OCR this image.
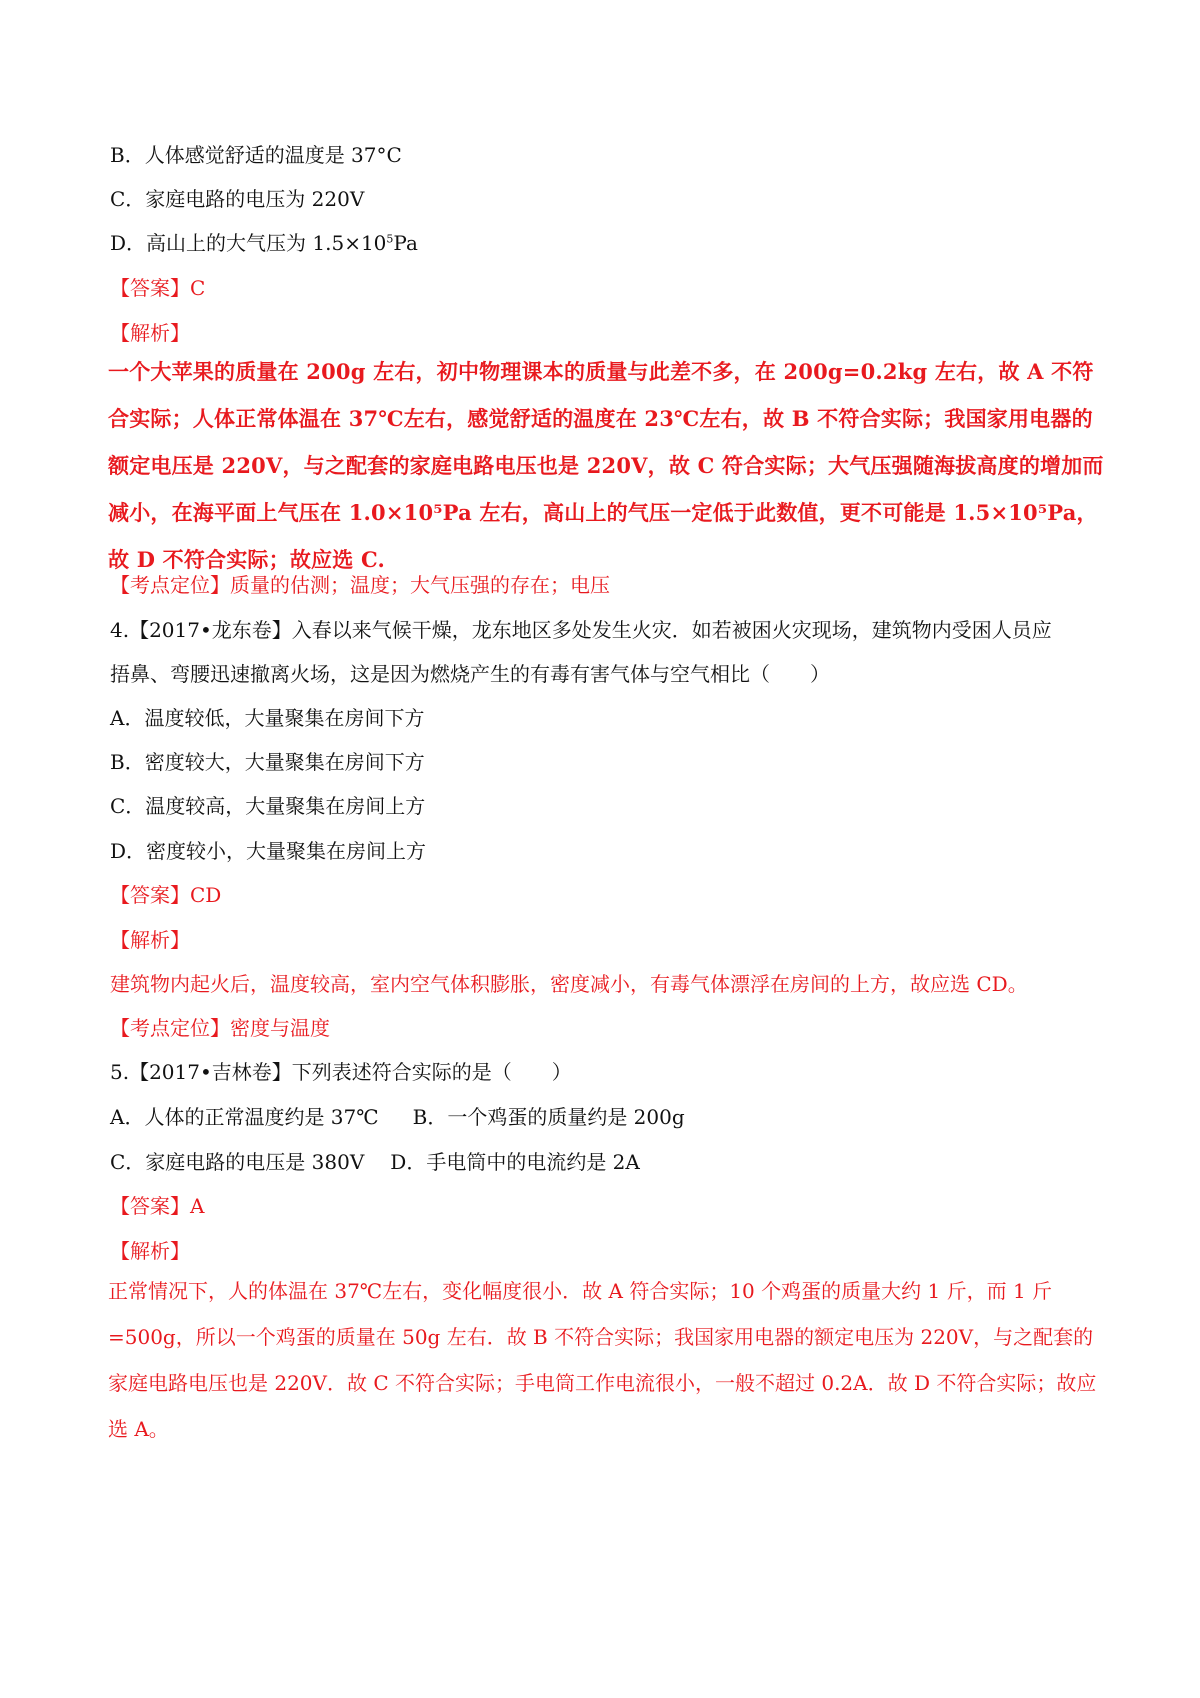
B．人体感觉舒适的温度是 37°C
C．家庭电路的电压为 220V
D．高山上的大气压为 $1.5\times 10^5Pa$
【答案】C
【解析】
一个大苹果的质量在 200g 左右，初中物理课本的质量与此差不多，在 200g=0.2kg 左右，故 A 不符合实际；人体正常体温在 37℃左右，感觉舒适的温度在 23℃左右，故 B 不符合实际；我国家用电器的额定电压是 220V，与之配套的家庭电路电压也是 220V，故 C 符合实际；大气压强随海拔高度的增加而减小，在海平面上气压在 1.0×10⁵Pa 左右，高山上的气压一定低于此数值，更不可能是 1.5×10⁵Pa，故 D 不符合实际；故应选 C.
【考点定位】质量的估测；温度；大气压强的存在；电压
4.【2017•龙东卷】入春以来气候干燥，龙东地区多处发生火灾．如若被困火灾现场，建筑物内受困人员应
捂鼻、弯腰迅速撤离火场，这是因为燃烧产生的有毒有害气体与空气相比（　　）
A．温度较低，大量聚集在房间下方
B．密度较大，大量聚集在房间下方
C．温度较高，大量聚集在房间上方
D．密度较小，大量聚集在房间上方
【答案】CD
【解析】
建筑物内起火后，温度较高，室内空气体积膨胀，密度减小，有毒气体漂浮在房间的上方，故应选 CD。
【考点定位】密度与温度
5.【2017•吉林卷】下列表述符合实际的是（　　）
A．人体的正常温度约是 37℃ B．一个鸡蛋的质量约是 200g
C．家庭电路的电压是 380V D．手电筒中的电流约是 2A
【答案】A
【解析】
正常情况下，人的体温在 37℃左右，变化幅度很小．故 A 符合实际；10 个鸡蛋的质量大约 1 斤，而 1 斤=500g，所以一个鸡蛋的质量在 50g 左右．故 B 不符合实际；我国家用电器的额定电压为 220V，与之配套的家庭电路电压也是 220V．故 C 不符合实际；手电筒工作电流很小，一般不超过 0.2A．故 D 不符合实际；故应选 A。
